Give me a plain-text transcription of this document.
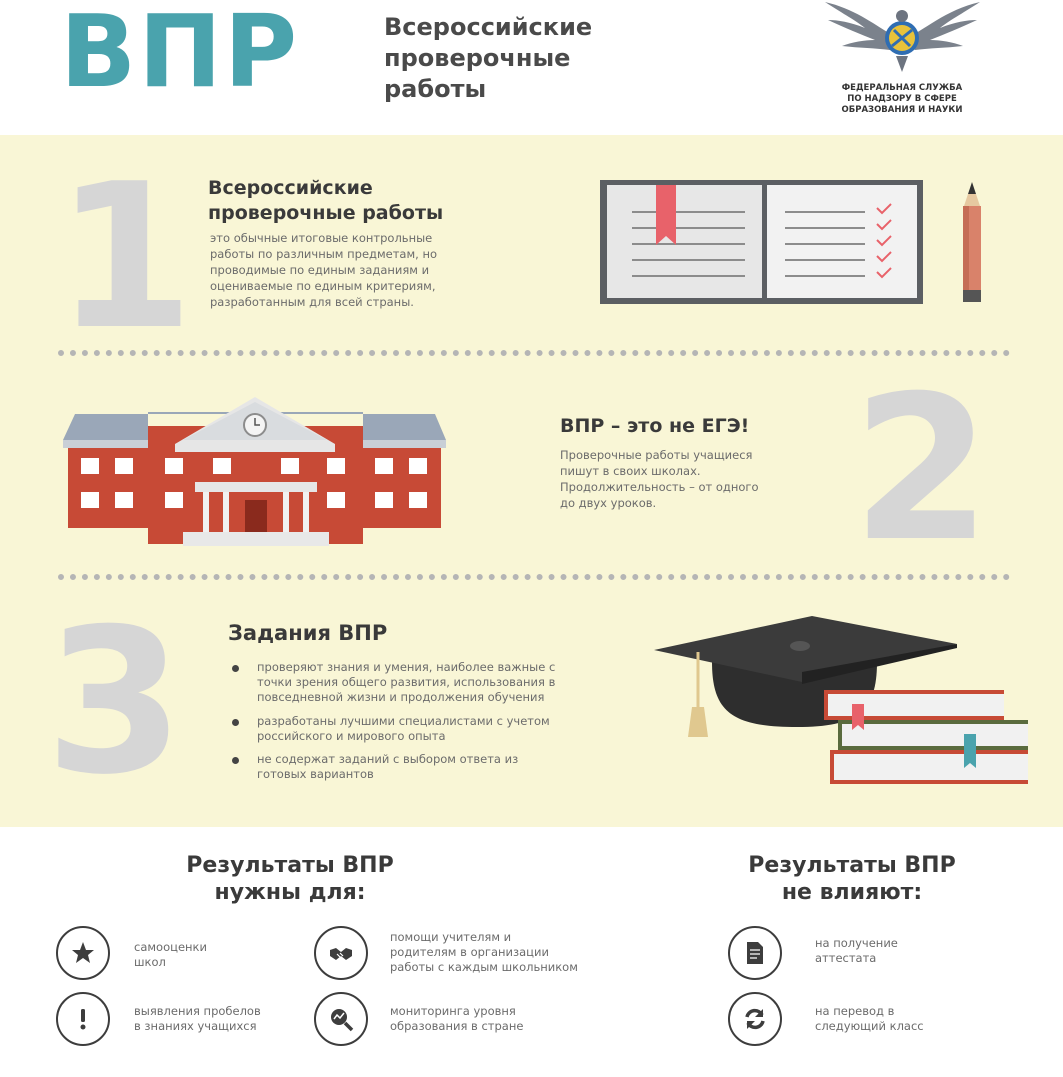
ВПР	Всероссийские
проверочные
работы	ФЕДЕРАЛЬНАЯ СЛУЖБА
ПО НАДЗОРУ В СФЕРЕ
ОБРАЗОВАНИЯ И НАУКИ
1 Всероссийские
проверочные работы
это обычные итоговые контрольные
работы по различным предметам, но
проводимые по единым заданиям и
оцениваемые по единым критериям,
разработанным для всей страны.
ВПР – это не ЕГЭ!
Проверочные работы учащиеся
пишут в своих школах.
Продолжительность – от одного
до двух уроков. 2
3 Задания ВПР
проверяют знания и умения, наиболее важные с
точки зрения общего развития, использования в
повседневной жизни и продолжения обучения
разработаны лучшими специалистами с учетом
российского и мирового опыта
не содержат заданий с выбором ответа из
готовых вариантов
Результаты ВПР
нужны для:
Результаты ВПР
не влияют:
самооценки
школ
помощи учителям и
родителям в организации
работы с каждым школьником
выявления пробелов
в знаниях учащихся
мониторинга уровня
образования в стране
на получение
аттестата
на перевод в
следующий класс
